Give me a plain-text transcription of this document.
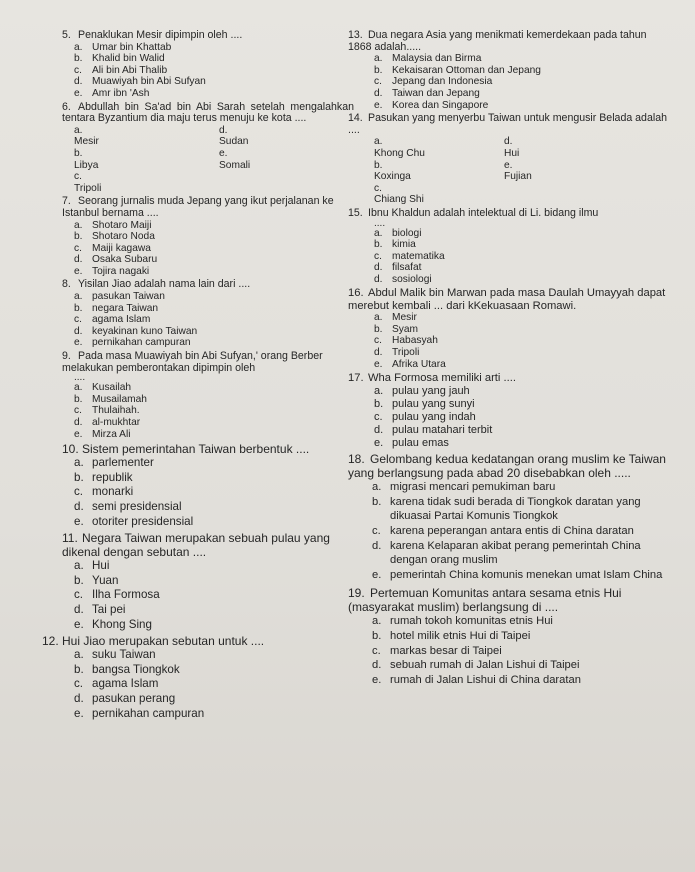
5. Penaklukan Mesir dipimpin oleh ....
a. Umar bin Khattab
b. Khalid bin Walid
c. Ali bin Abi Thalib
d. Muawiyah bin Abi Sufyan
e. Amr ibn 'Ash
6. Abdullah bin Sa'ad bin Abi Sarah setelah mengalahkan tentara Byzantium dia maju terus menuju ke kota ....
a.Mesir
d.Sudan
b.Libya
e.Somali
c.Tripoli
7. Seorang jurnalis muda Jepang yang ikut perjalanan ke Istanbul bernama ....
a. Shotaro Maiji
b. Shotaro Noda
c. Maiji kagawa
d. Osaka Subaru
e. Tojira nagaki
8. Yisilan Jiao adalah nama lain dari ....
a. pasukan Taiwan
b. negara Taiwan
c. agama Islam
d. keyakinan kuno Taiwan
e. pernikahan campuran
9. Pada masa Muawiyah bin Abi Sufyan,' orang Berber melakukan pemberontakan dipimpin oleh
....
a. Kusailah
b. Musailamah
c. Thulaihah.
d. al-mukhtar
e. Mirza Ali
10. Sistem pemerintahan Taiwan berbentuk ....
a. parlementer
b. republik
c. monarki
d. semi presidensial
e. otoriter presidensial
11. Negara Taiwan merupakan sebuah pulau yang dikenal dengan sebutan ....
a. Hui
b. Yuan
c. Ilha Formosa
d. Tai pei
e. Khong Sing
12. Hui Jiao merupakan sebutan untuk ....
a. suku Taiwan
b. bangsa Tiongkok
c. agama Islam
d. pasukan perang
e. pernikahan campuran
13. Dua negara Asia yang menikmati kemerdekaan pada tahun 1868 adalah.....
a. Malaysia dan Birma
b. Kekaisaran Ottoman dan Jepang
c. Jepang dan Indonesia
d. Taiwan dan Jepang
e. Korea dan Singapore
14. Pasukan yang menyerbu Taiwan untuk mengusir Belada adalah ....
a.Khong Chu
d.Hui
b.Koxinga
e.Fujian
c.Chiang Shi
15. Ibnu Khaldun adalah intelektual di Li. bidang ilmu
....
a. biologi
b. kimia
c. matematika
d. filsafat
d. sosiologi
16. Abdul Malik bin Marwan pada masa Daulah Umayyah dapat merebut kembali ... dari kKekuasaan Romawi.
a. Mesir
b. Syam
c. Habasyah
d. Tripoli
e. Afrika Utara
17. Wha Formosa memiliki arti ....
a. pulau yang jauh
b. pulau yang sunyi
c. pulau yang indah
d. pulau matahari terbit
e. pulau emas
18. Gelombang kedua kedatangan orang muslim ke Taiwan yang berlangsung pada abad 20 disebabkan oleh .....
a. migrasi mencari pemukiman baru
b. karena tidak sudi berada di Tiongkok daratan yang dikuasai Partai Komunis Tiongkok
c. karena peperangan antara entis di China daratan
d. karena Kelaparan akibat perang pemerintah China dengan orang muslim
e. pemerintah China komunis menekan umat Islam China
19. Pertemuan Komunitas antara sesama etnis Hui (masyarakat muslim) berlangsung di ....
a. rumah tokoh komunitas etnis Hui
b. hotel milik etnis Hui di Taipei
c. markas besar di Taipei
d. sebuah rumah di Jalan Lishui di Taipei
e. rumah di Jalan Lishui di China daratan
